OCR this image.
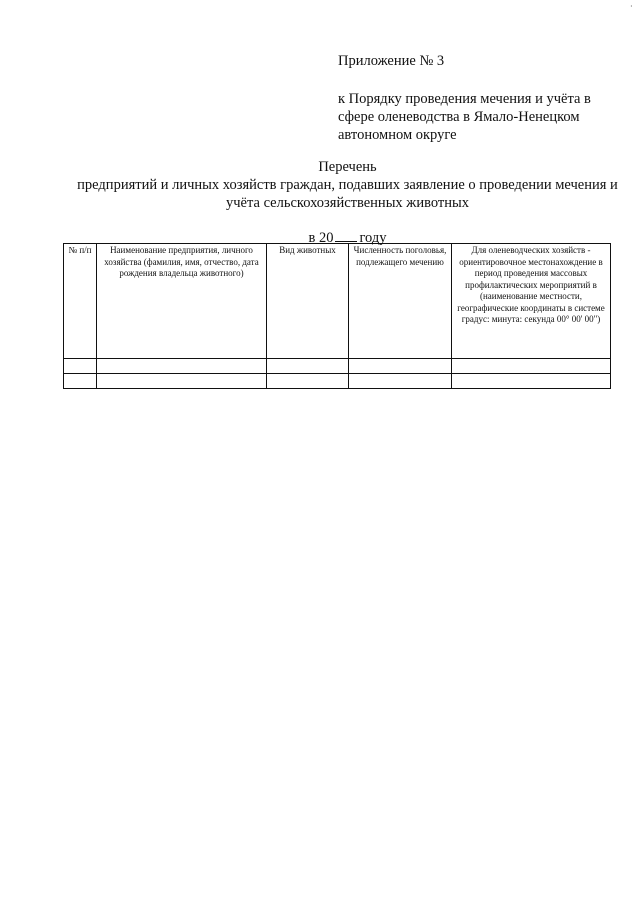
·

Приложение № 3

к Порядку проведения мечения и учёта в сфере оленеводства в Ямало-Ненецком автономном округе

Перечень

предприятий и личных хозяйств граждан, подавших заявление о проведении мечения и учёта сельскохозяйственных животных
в 20 году
№ п/п	Наименование предприятия, личного хозяйства (фамилия, имя, отчество, дата рождения владельца животного)	Вид животных	Численность поголовья, подлежащего мечению	Для оленеводческих хозяйств - ориентировочное местонахождение в период проведения массовых профилактических мероприятий в (наименование местности, географические координаты в системе градус: минута: секунда 00° 00' 00")
